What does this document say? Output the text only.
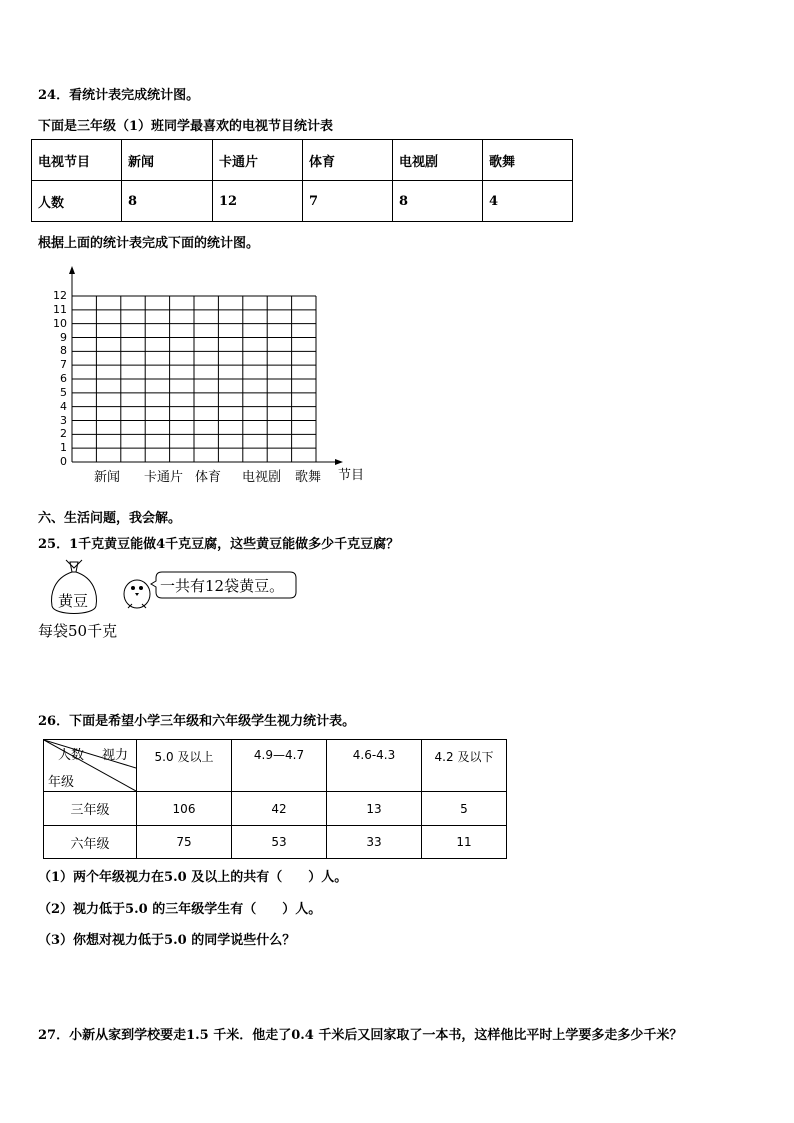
24．看统计表完成统计图。
下面是三年级（1）班同学最喜欢的电视节目统计表
电视节目	新闻	卡通片	体育	电视剧	歌舞
人数	8	12	7	8	4
根据上面的统计表完成下面的统计图。
0
1
2
3
4
5
6
7
8
9
10
11
12
新闻 卡通片 体育 电视剧 歌舞 节目
六、生活问题，我会解。
25．1千克黄豆能做4千克豆腐，这些黄豆能做多少千克豆腐？
黄豆
每袋50千克
一共有12袋黄豆。
26．下面是希望小学三年级和六年级学生视力统计表。
人数 视力
年级	5.0 及以上	4.9—4.7	4.6-4.3	4.2 及以下
三年级	106	42	13	5
六年级	75	53	33	11
（1）两个年级视力在5.0 及以上的共有（　　）人。
（2）视力低于5.0 的三年级学生有（　　）人。
（3）你想对视力低于5.0 的同学说些什么？
27．小新从家到学校要走1.5 千米．他走了0.4 千米后又回家取了一本书，这样他比平时上学要多走多少千米？
